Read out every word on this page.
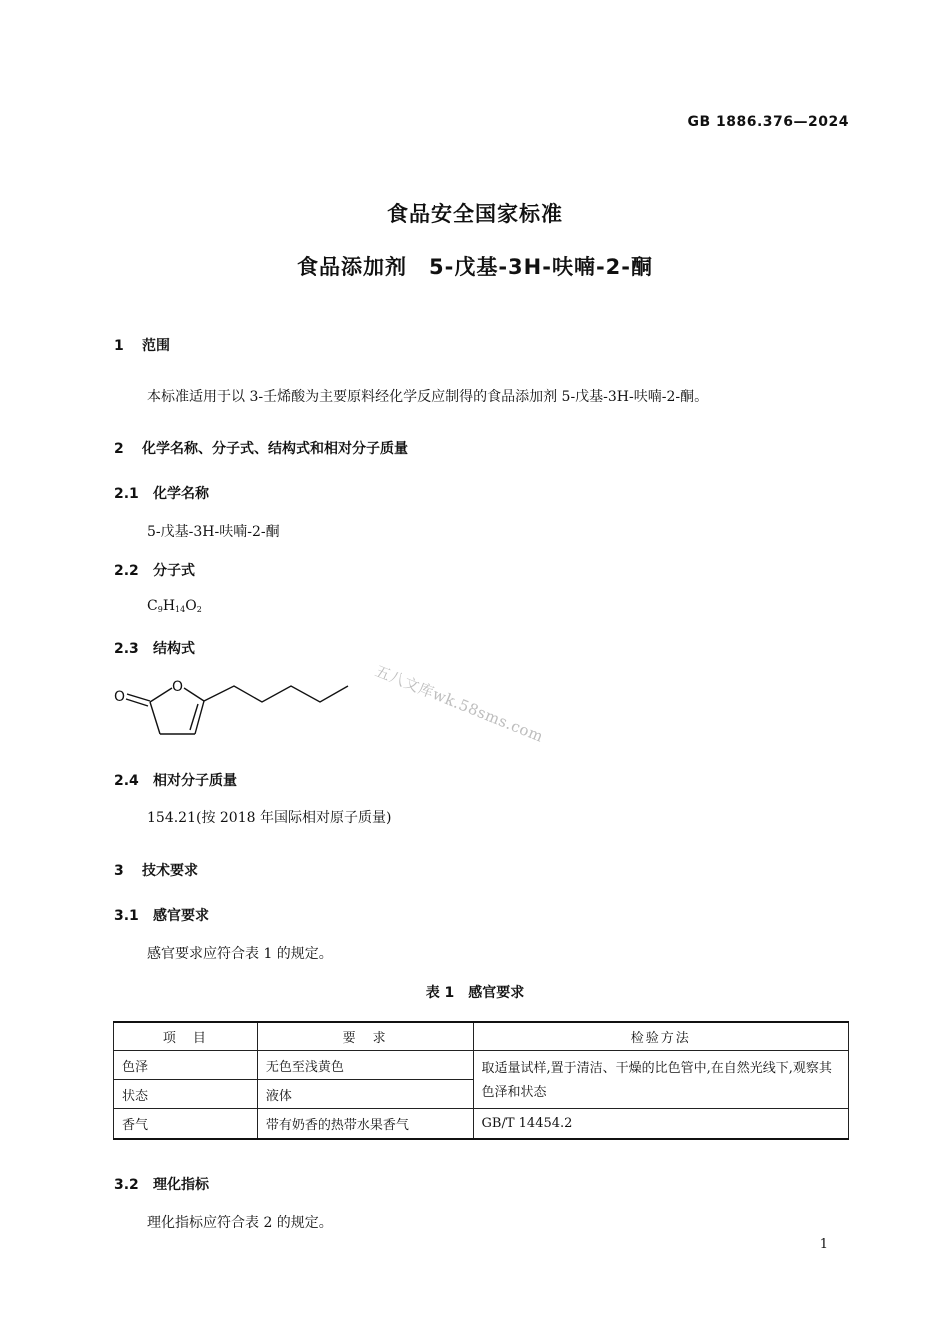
GB 1886.376—2024
食品安全国家标准
食品添加剂　5-戊基-3H-呋喃-2-酮
1 范围
本标准适用于以 3-壬烯酸为主要原料经化学反应制得的食品添加剂 5-戊基-3H-呋喃-2-酮。
2 化学名称、分子式、结构式和相对分子质量
2.1 化学名称
5-戊基-3H-呋喃-2-酮
2.2 分子式
$C_9H_{14}O_2$
2.3 结构式
O
O
2.4 相对分子质量
154.21(按 2018 年国际相对原子质量)
3 技术要求
3.1 感官要求
感官要求应符合表 1 的规定。
表 1　感官要求
项　目	要　求	检验方法
色泽	无色至浅黄色	取适量试样,置于清洁、干燥的比色管中,在自然光线下,观察其色泽和状态
状态	液体	
香气	带有奶香的热带水果香气	GB/T 14454.2
3.2 理化指标
理化指标应符合表 2 的规定。
1
五八文库wk.58sms.com
